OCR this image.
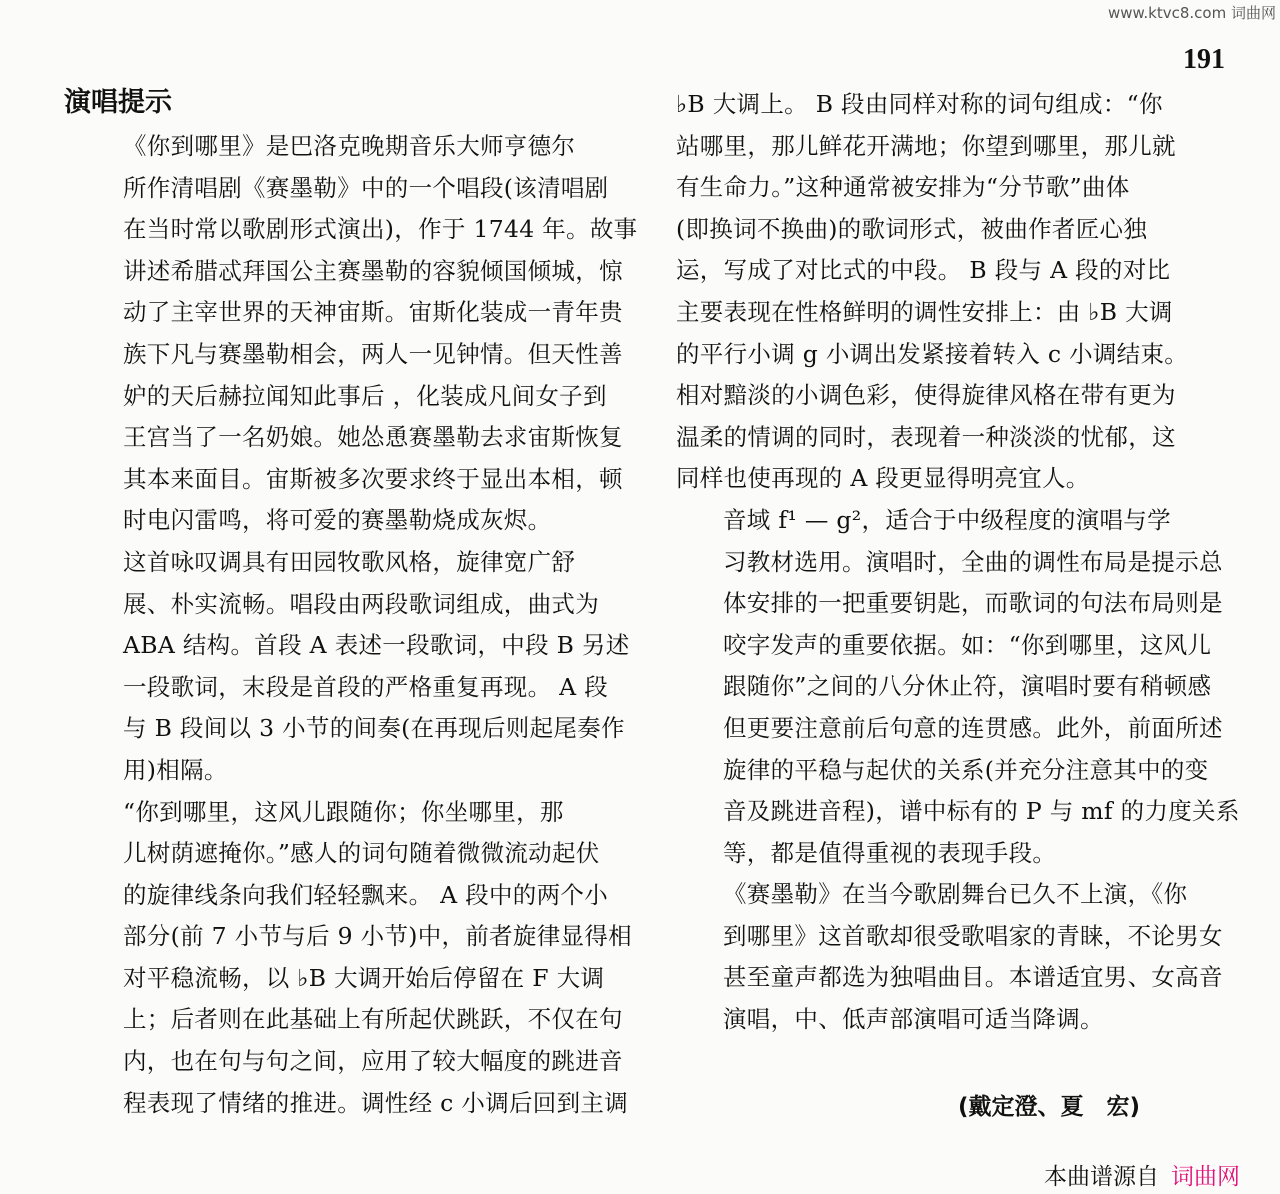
www.ktvc8.com 词曲网
191
演唱提示

《你到哪里》是巴洛克晚期音乐大师亨德尔
所作清唱剧《赛墨勒》中的一个唱段(该清唱剧
在当时常以歌剧形式演出)，作于 1744 年。故事
讲述希腊忒拜国公主赛墨勒的容貌倾国倾城，惊
动了主宰世界的天神宙斯。宙斯化装成一青年贵
族下凡与赛墨勒相会，两人一见钟情。但天性善
妒的天后赫拉闻知此事后 ，化装成凡间女子到
王宫当了一名奶娘。她怂恿赛墨勒去求宙斯恢复
其本来面目。宙斯被多次要求终于显出本相，顿
时电闪雷鸣，将可爱的赛墨勒烧成灰烬。

这首咏叹调具有田园牧歌风格，旋律宽广舒
展、朴实流畅。唱段由两段歌词组成，曲式为
ABA 结构。首段 A 表述一段歌词，中段 B 另述
一段歌词，末段是首段的严格重复再现。 A 段
与 B 段间以 3 小节的间奏(在再现后则起尾奏作
用)相隔。

“你到哪里，这风儿跟随你；你坐哪里，那
儿树荫遮掩你。”感人的词句随着微微流动起伏
的旋律线条向我们轻轻飘来。 A 段中的两个小
部分(前 7 小节与后 9 小节)中，前者旋律显得相
对平稳流畅，以 ♭B 大调开始后停留在 F 大调
上；后者则在此基础上有所起伏跳跃，不仅在句
内，也在句与句之间，应用了较大幅度的跳进音
程表现了情绪的推进。调性经 c 小调后回到主调

♭B 大调上。 B 段由同样对称的词句组成：“你
站哪里，那儿鲜花开满地；你望到哪里，那儿就
有生命力。”这种通常被安排为“分节歌”曲体
(即换词不换曲)的歌词形式，被曲作者匠心独
运，写成了对比式的中段。 B 段与 A 段的对比
主要表现在性格鲜明的调性安排上：由 ♭B 大调
的平行小调 g 小调出发紧接着转入 c 小调结束。
相对黯淡的小调色彩，使得旋律风格在带有更为
温柔的情调的同时，表现着一种淡淡的忧郁，这
同样也使再现的 A 段更显得明亮宜人。

音域 f¹ — g²，适合于中级程度的演唱与学
习教材选用。演唱时，全曲的调性布局是提示总
体安排的一把重要钥匙，而歌词的句法布局则是
咬字发声的重要依据。如：“你到哪里，这风儿
跟随你”之间的八分休止符，演唱时要有稍顿感
但更要注意前后句意的连贯感。此外，前面所述
旋律的平稳与起伏的关系(并充分注意其中的变
音及跳进音程)，谱中标有的 P 与 mf 的力度关系
等，都是值得重视的表现手段。

《赛墨勒》在当今歌剧舞台已久不上演，《你
到哪里》这首歌却很受歌唱家的青睐，不论男女
甚至童声都选为独唱曲目。本谱适宜男、女高音
演唱，中、低声部演唱可适当降调。

(戴定澄、夏　宏)
本曲谱源自 词曲网
